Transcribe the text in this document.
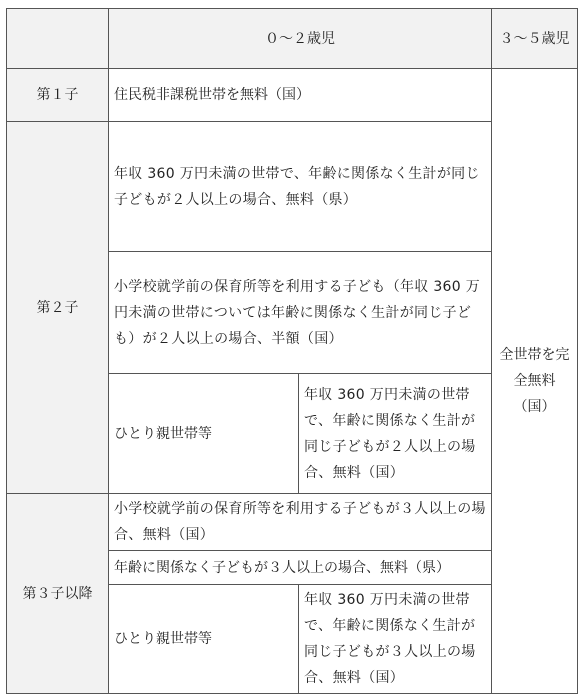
	０〜２歳児		３〜５歳児
第１子	住民税非課税世帯を無料（国）		全世帯を完全無料（国）
第２子	年収 360 万円未満の世帯で、年齢に関係なく生計が同じ子どもが２人以上の場合、無料（県）		
	小学校就学前の保育所等を利用する子ども（年収 360 万円未満の世帯については年齢に関係なく生計が同じ子ども）が２人以上の場合、半額（国）		
	ひとり親世帯等	年収 360 万円未満の世帯で、年齢に関係なく生計が同じ子どもが２人以上の場合、無料（国）	
第３子以降	小学校就学前の保育所等を利用する子どもが３人以上の場合、無料（国）		
	年齢に関係なく子どもが３人以上の場合、無料（県）		
	ひとり親世帯等	年収 360 万円未満の世帯で、年齢に関係なく生計が同じ子どもが３人以上の場合、無料（国）	
